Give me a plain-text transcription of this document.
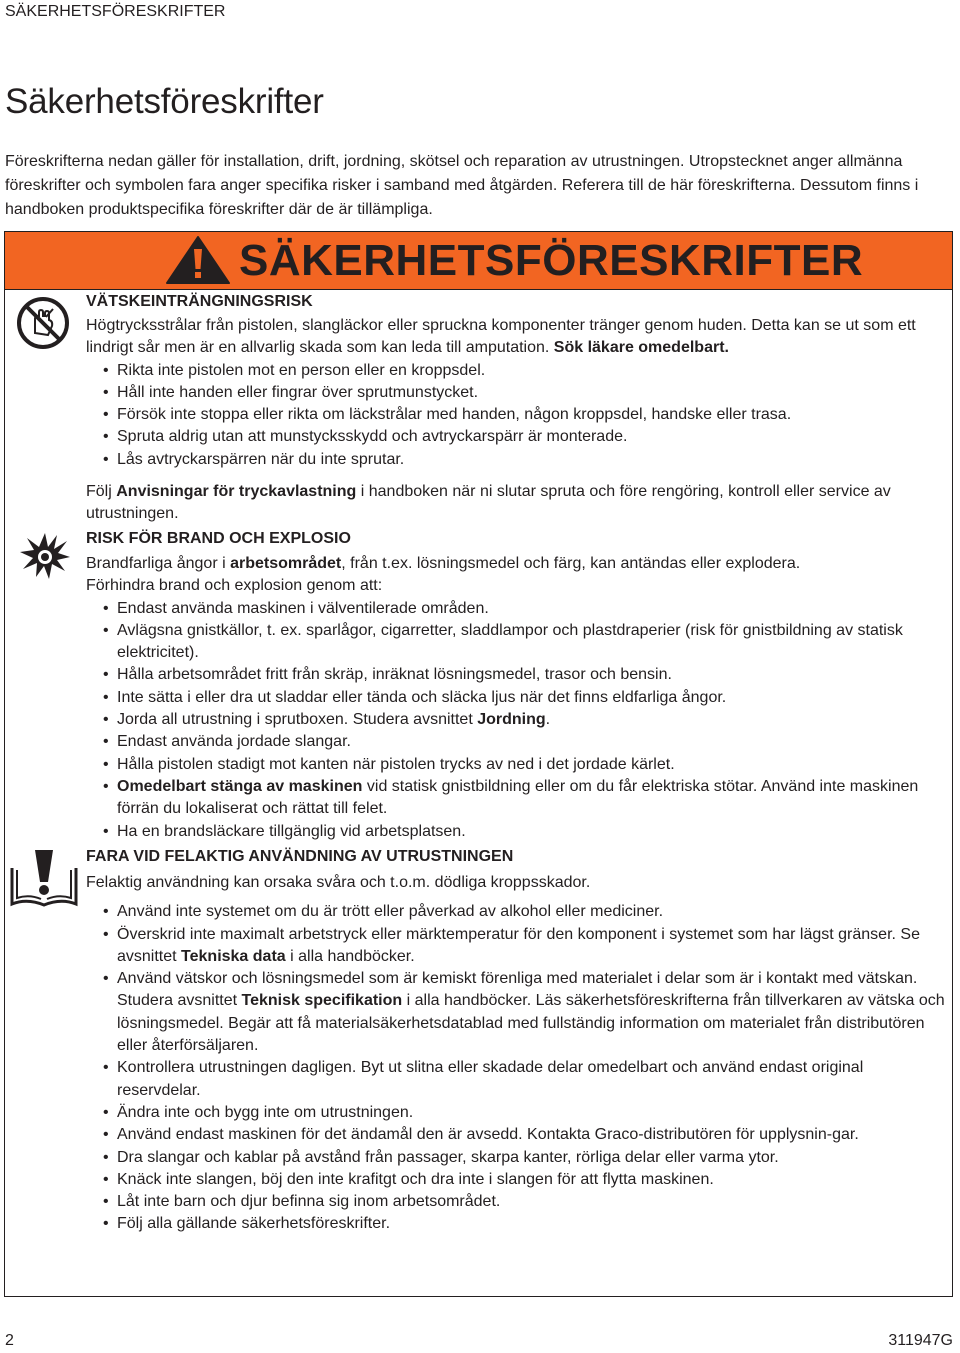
SÄKERHETSFÖRESKRIFTER
Säkerhetsföreskrifter

Föreskrifterna nedan gäller för installation, drift, jordning, skötsel och reparation av utrustningen. Utropstecknet anger allmänna föreskrifter och symbolen fara anger specifika risker i samband med åtgärden. Referera till de här föreskrifterna. Dessutom finns i handboken produktspecifika föreskrifter där de är tillämpliga.

SÄKERHETSFÖRESKRIFTER

VÄTSKEINTRÄNGNINGSRISK

Högtrycksstrålar från pistolen, slangläckor eller spruckna komponenter tränger genom huden. Detta kan se ut som ett lindrigt sår men är en allvarlig skada som kan leda till amputation. Sök läkare omedelbart.

• Rikta inte pistolen mot en person eller en kroppsdel.
• Håll inte handen eller fingrar över sprutmunstycket.
• Försök inte stoppa eller rikta om läckstrålar med handen, någon kroppsdel, handske eller trasa.
• Spruta aldrig utan att munstycksskydd och avtryckarspärr är monterade.
• Lås avtryckarspärren när du inte sprutar.

Följ Anvisningar för tryckavlastning i handboken när ni slutar spruta och före rengöring, kontroll eller service av utrustningen.

RISK FÖR BRAND OCH EXPLOSIO

Brandfarliga ångor i arbetsområdet, från t.ex. lösningsmedel och färg, kan antändas eller explodera.

Förhindra brand och explosion genom att:

• Endast använda maskinen i välventilerade områden.
• Avlägsna gnistkällor, t. ex. sparlågor, cigarretter, sladdlampor och plastdraperier (risk för gnistbildning av statisk elektricitet).
• Hålla arbetsområdet fritt från skräp, inräknat lösningsmedel, trasor och bensin.
• Inte sätta i eller dra ut sladdar eller tända och släcka ljus när det finns eldfarliga ångor.
• Jorda all utrustning i sprutboxen. Studera avsnittet Jordning.
• Endast använda jordade slangar.
• Hålla pistolen stadigt mot kanten när pistolen trycks av ned i det jordade kärlet.
• Omedelbart stänga av maskinen vid statisk gnistbildning eller om du får elektriska stötar. Använd inte maskinen förrän du lokaliserat och rättat till felet.
• Ha en brandsläckare tillgänglig vid arbetsplatsen.

FARA VID FELAKTIG ANVÄNDNING AV UTRUSTNINGEN

Felaktig användning kan orsaka svåra och t.o.m. dödliga kroppsskador.

• Använd inte systemet om du är trött eller påverkad av alkohol eller mediciner.
• Överskrid inte maximalt arbetstryck eller märktemperatur för den komponent i systemet som har lägst gränser. Se avsnittet Tekniska data i alla handböcker.
• Använd vätskor och lösningsmedel som är kemiskt förenliga med materialet i delar som är i kontakt med vätskan. Studera avsnittet Teknisk specifikation i alla handböcker. Läs säkerhetsföreskrifterna från tillverkaren av vätska och lösningsmedel. Begär att få materialsäkerhetsdatablad med fullständig information om materialet från distributören eller återförsäljaren.
• Kontrollera utrustningen dagligen. Byt ut slitna eller skadade delar omedelbart och använd endast original reservdelar.
• Ändra inte och bygg inte om utrustningen.
• Använd endast maskinen för det ändamål den är avsedd. Kontakta Graco-distributören för upplysnin-gar.
• Dra slangar och kablar på avstånd från passager, skarpa kanter, rörliga delar eller varma ytor.
• Knäck inte slangen, böj den inte krafitgt och dra inte i slangen för att flytta maskinen.
• Låt inte barn och djur befinna sig inom arbetsområdet.
• Följ alla gällande säkerhetsföreskrifter.
2	311947G
